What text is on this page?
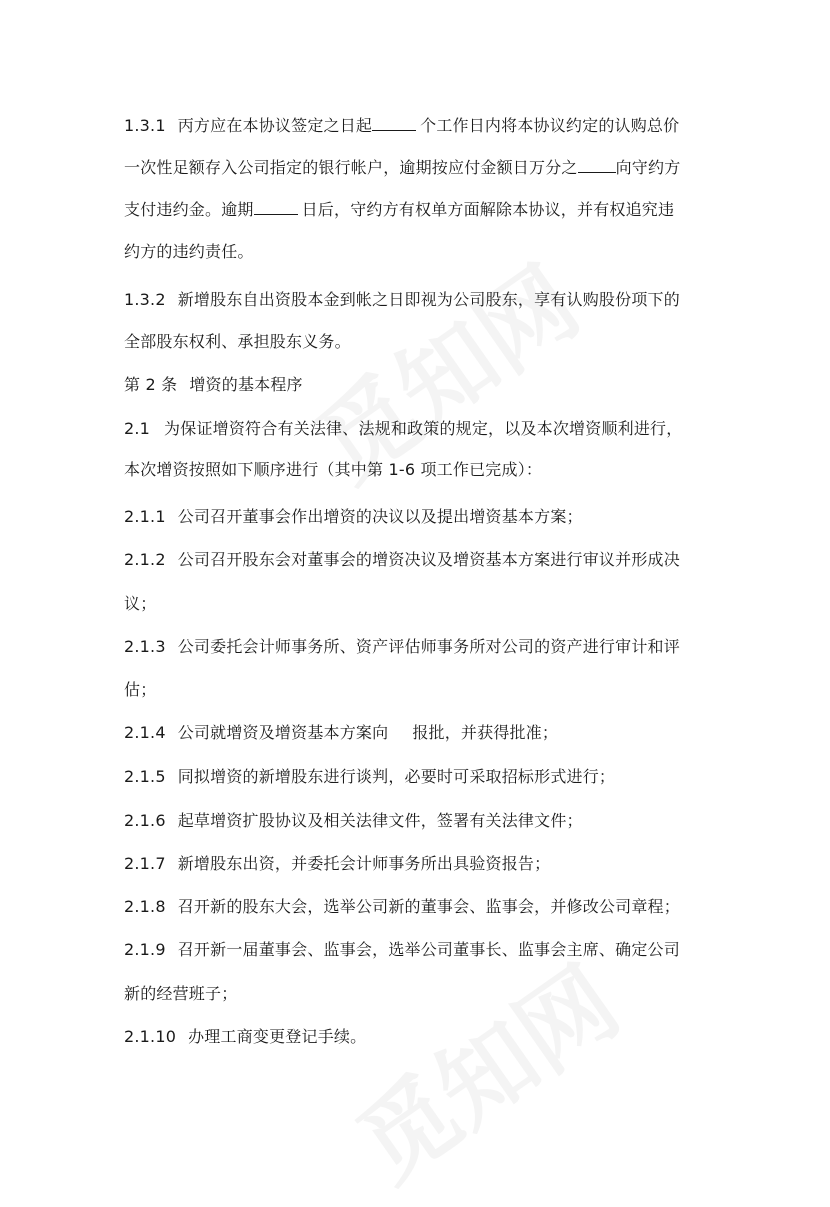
1.3.1 丙方应在本协议签定之日起	个工作日内将本协议约定的认购总价
一次性足额存入公司指定的银行帐户，逾期按应付金额日万分之 向守约方
支付违约金。逾期	日后，守约方有权单方面解除本协议，并有权追究违
约方的违约责任。
1.3.2 新增股东自出资股本金到帐之日即视为公司股东，享有认购股份项下的
全部股东权利、承担股东义务。
第 2 条 增资的基本程序
2.1 为保证增资符合有关法律、法规和政策的规定，以及本次增资顺利进行，
本次增资按照如下顺序进行（其中第 1-6 项工作已完成）：
2.1.1 公司召开董事会作出增资的决议以及提出增资基本方案；
2.1.2 公司召开股东会对董事会的增资决议及增资基本方案进行审议并形成决
议；
2.1.3 公司委托会计师事务所、资产评估师事务所对公司的资产进行审计和评
估；
2.1.4 公司就增资及增资基本方案向 报批，并获得批准；
2.1.5 同拟增资的新增股东进行谈判，必要时可采取招标形式进行；
2.1.6 起草增资扩股协议及相关法律文件，签署有关法律文件；
2.1.7 新增股东出资，并委托会计师事务所出具验资报告；
2.1.8 召开新的股东大会，选举公司新的董事会、监事会，并修改公司章程；
2.1.9 召开新一届董事会、监事会，选举公司董事长、监事会主席、确定公司
新的经营班子；
2.1.10 办理工商变更登记手续。
